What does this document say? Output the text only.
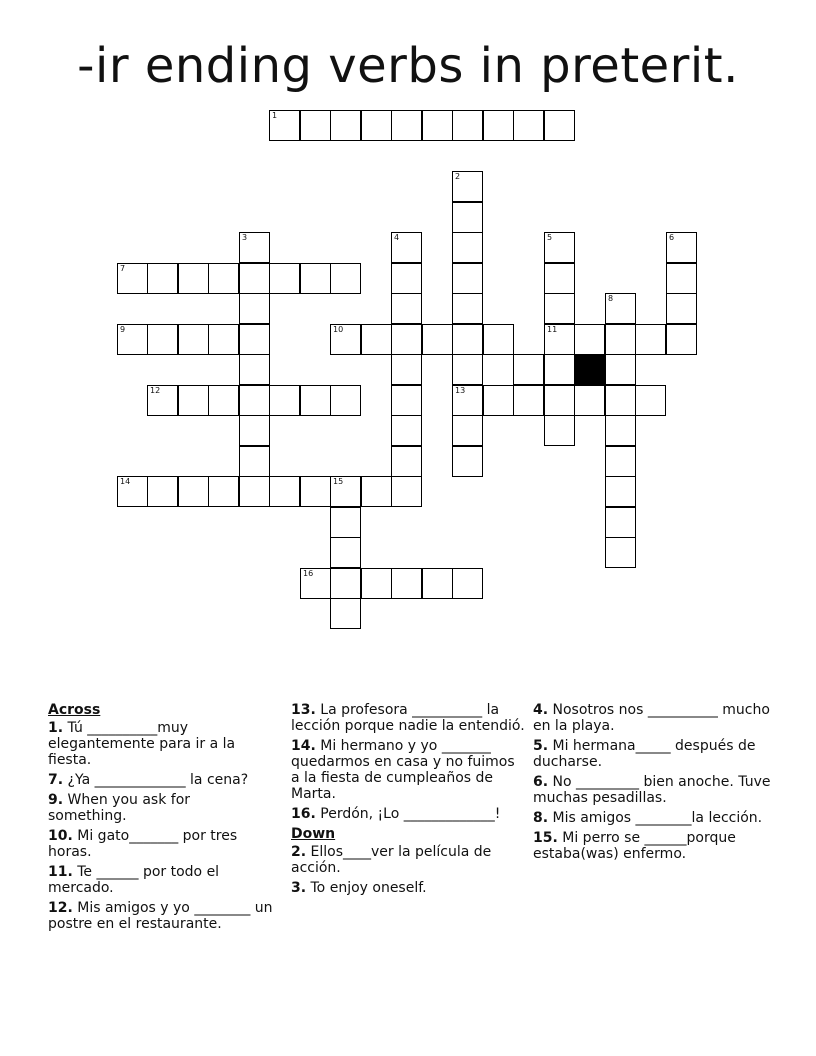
-ir ending verbs in preterit.
1
2
3	4	5	6
7
8
9	10	11
12	13
14	15
16
Across
1. Tú __________muy elegantemente para ir a la fiesta.
7. ¿Ya _____________ la cena?
9. When you ask for something.
10. Mi gato_______ por tres horas.
11. Te ______ por todo el mercado.
12. Mis amigos y yo ________ un postre en el restaurante.
13. La profesora __________ la lección porque nadie la entendió.
14. Mi hermano y yo _______ quedarmos en casa y no fuimos a la fiesta de cumpleaños de Marta.
16. Perdón, ¡Lo _____________!
Down
2. Ellos____ver la película de acción.
3. To enjoy oneself.
4. Nosotros nos __________ mucho en la playa.
5. Mi hermana_____ después de ducharse.
6. No _________ bien anoche. Tuve muchas pesadillas.
8. Mis amigos ________la lección.
15. Mi perro se ______porque estaba(was) enfermo.
